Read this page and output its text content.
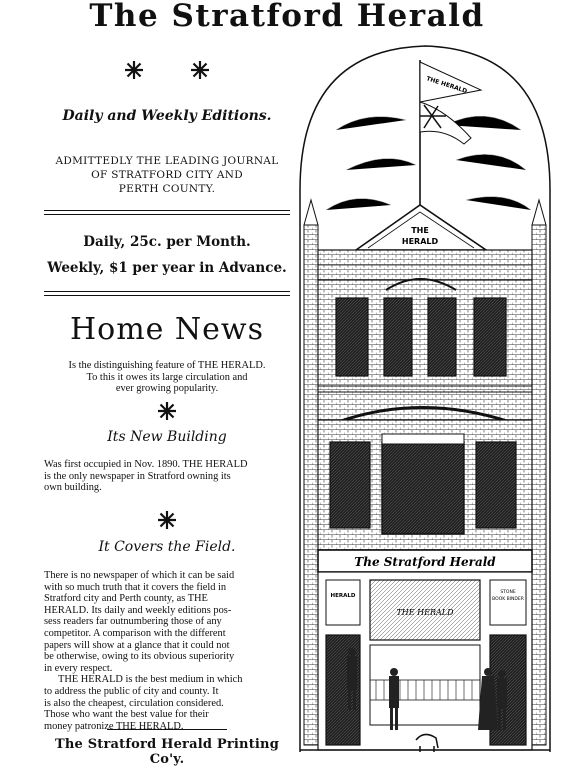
The Stratford Herald

Daily and Weekly Editions.
ADMITTEDLY THE LEADING JOURNAL
OF STRATFORD CITY AND
PERTH COUNTY.
Daily, 25c. per Month.
Weekly, $1 per year in Advance.
Home News
Is the distinguishing feature of THE HERALD.
To this it owes its large circulation and
ever growing popularity.
Its New Building
Was first occupied in Nov. 1890. THE HERALD
is the only newspaper in Stratford owning its
own building.
It Covers the Field.
There is no newspaper of which it can be said
with so much truth that it covers the field in
Stratford city and Perth county, as THE
HERALD. Its daily and weekly editions pos-
sess readers far outnumbering those of any
competitor. A comparison with the different
papers will show at a glance that it could not
be otherwise, owing to its obvious superiority
in every respect.
THE HERALD is the best medium in which
to address the public of city and county. It
is also the cheapest, circulation considered.
Those who want the best value for their
money patronize THE HERALD.
The Stratford Herald Printing Co'y.
THE HERALD
THE
HERALD
The Stratford Herald
HERALD
THE HERALD
STONE
BOOK BINDER
